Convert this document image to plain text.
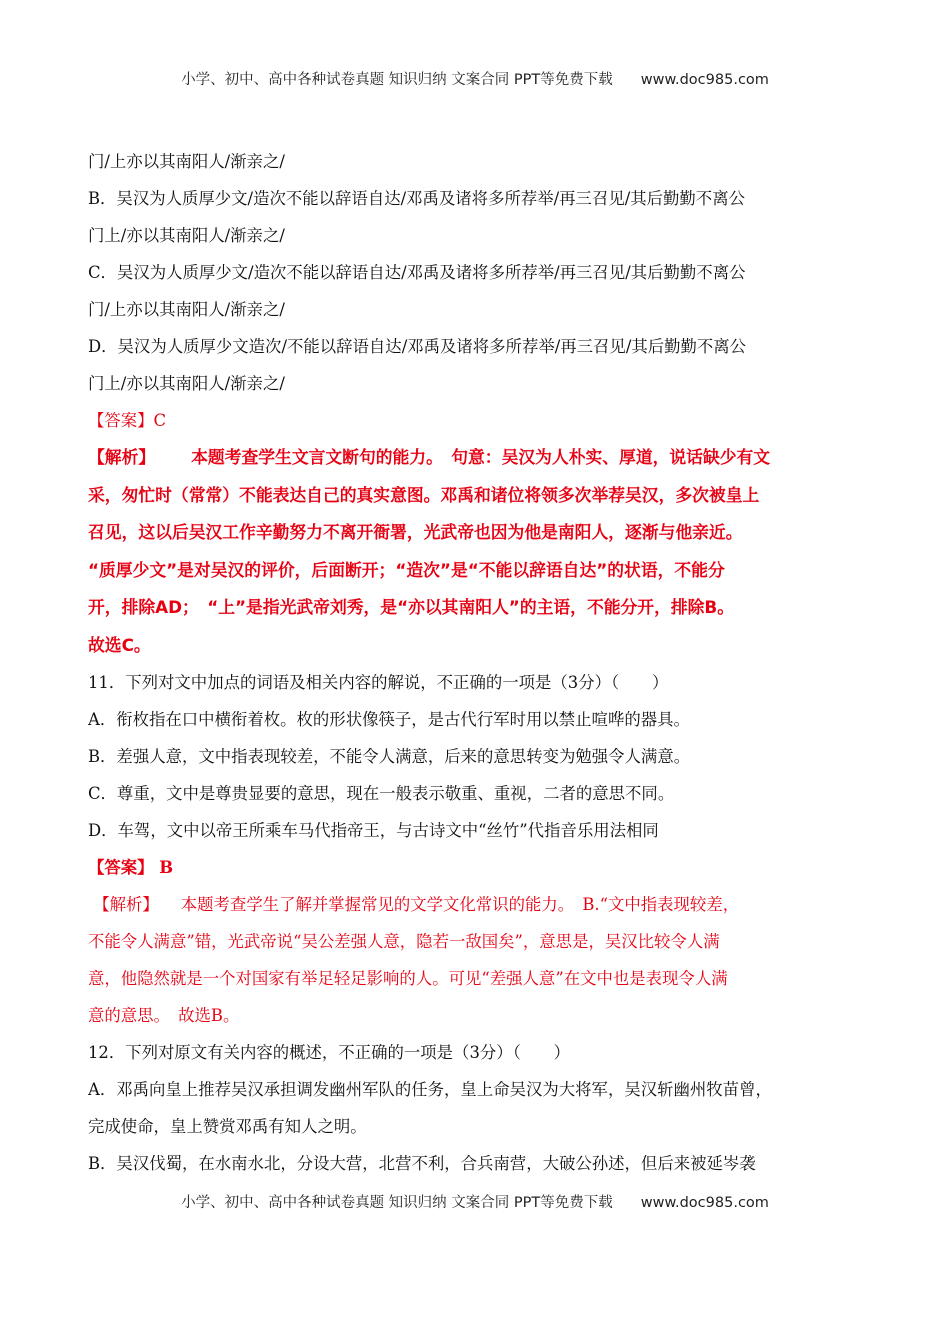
小学、初中、高中各种试卷真题 知识归纳 文案合同 PPT等免费下载 www.doc985.com
门/上亦以其南阳人/渐亲之/
B．吴汉为人质厚少文/造次不能以辞语自达/邓禹及诸将多所荐举/再三召见/其后勤勤不离公
门上/亦以其南阳人/渐亲之/
C．吴汉为人质厚少文/造次不能以辞语自达/邓禹及诸将多所荐举/再三召见/其后勤勤不离公
门/上亦以其南阳人/渐亲之/
D．吴汉为人质厚少文造次/不能以辞语自达/邓禹及诸将多所荐举/再三召见/其后勤勤不离公
门上/亦以其南阳人/渐亲之/
【答案】C
【解析】 本题考查学生文言文断句的能力。　句意：吴汉为人朴实、厚道，说话缺少有文
采，匆忙时（常常）不能表达自己的真实意图。邓禹和诸位将领多次举荐吴汉，多次被皇上
召见，这以后吴汉工作辛勤努力不离开衙署，光武帝也因为他是南阳人，逐渐与他亲近。
“质厚少文”是对吴汉的评价，后面断开；“造次”是“不能以辞语自达”的状语，不能分
开，排除AD；　“上”是指光武帝刘秀，是“亦以其南阳人”的主语，不能分开，排除B。
故选C。
11．下列对文中加点的词语及相关内容的解说，不正确的一项是（3分）（　　）
A．衔枚指在口中横衔着枚。枚的形状像筷子，是古代行军时用以禁止喧哗的器具。
B．差强人意，文中指表现较差，不能令人满意，后来的意思转变为勉强令人满意。
C．尊重，文中是尊贵显要的意思，现在一般表示敬重、重视，二者的意思不同。
D．车驾，文中以帝王所乘车马代指帝王，与古诗文中“丝竹”代指音乐用法相同
【答案】 B
【解析】 本题考查学生了解并掌握常见的文学文化常识的能力。　B.“文中指表现较差，
不能令人满意”错，光武帝说“吴公差强人意，隐若一敌国矣”，意思是，吴汉比较令人满
意，他隐然就是一个对国家有举足轻足影响的人。可见“差强人意”在文中也是表现令人满
意的意思。　故选B。
12．下列对原文有关内容的概述，不正确的一项是（3分）（　　）
A．邓禹向皇上推荐吴汉承担调发幽州军队的任务，皇上命吴汉为大将军，吴汉斩幽州牧苗曾，
完成使命，皇上赞赏邓禹有知人之明。
B．吴汉伐蜀，在水南水北，分设大营，北营不利，合兵南营，大破公孙述，但后来被延岑袭
小学、初中、高中各种试卷真题 知识归纳 文案合同 PPT等免费下载 www.doc985.com
